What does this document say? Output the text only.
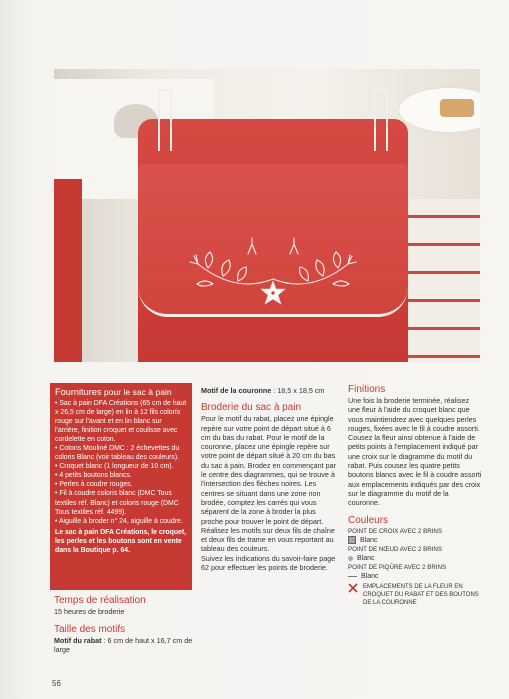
Fournitures pour le sac à pain

• Sac à pain DFA Créations (65 cm de haut x 26,5 cm de large) en lin à 12 fils colorís rouge sur l'avant et en lin blanc sur l'arrière, finition croquet et coulisse avec cordelette en coton.

• Cotons Mouliné DMC : 2 échevettes du coloris Blanc (voir tableau des couleurs).

• Croquet blanc (1 longueur de 10 cm).

• 4 petits boutons blancs.

• Perles à coudre rouges.

• Fil à coudre coloris blanc (DMC Tous textiles réf. Blanc) et coloris rouge (DMC Tous textiles réf. 4499).

• Aiguille à broder n° 24, aiguille à coudre.

Le sac à pain DFA Créations, le croquet, les perles et les boutons sont en vente dans la Boutique p. 64.

Temps de réalisation
15 heures de broderie
Taille des motifs
Motif du rabat : 6 cm de haut x 16,7 cm de large

Motif de la couronne : 18,5 x 18,5 cm

Broderie du sac à pain

Pour le motif du rabat, placez une épingle repère sur votre point de départ situé à 6 cm du bas du rabat. Pour le motif de la couronne, placez une épingle repère sur votre point de départ situé à 20 cm du bas du sac à pain. Brodez en commençant par le centre des diagrammes, qui se trouve à l'intersection des flèches noires. Les centres se situant dans une zone non brodée, comptez les carrés qui vous séparent de la zone à broder la plus proche pour trouver le point de départ. Réalisez les motifs sur deux fils de chaîne et deux fils de trame en vous reportant au tableau des couleurs.

Suivez les indications du savoir-faire page 62 pour effectuer les points de broderie.

Finitions

Une fois la broderie terminée, réalisez une fleur à l'aide du croquet blanc que vous maintiendrez avec quelques perles rouges, fixées avec le fil à coudre assorti. Cousez la fleur ainsi obtenue à l'aide de petits points à l'emplacement indiqué par une croix sur le diagramme du motif du rabat. Puis cousez les quatre petits boutons blancs avec le fil à coudre assorti aux emplacements indiqués par des croix sur le diagramme du motif de la couronne.

Couleurs

POINT DE CROIX AVEC 2 BRINS

Blanc

POINT DE NŒUD AVEC 2 BRINS

Blanc

POINT DE PIQÛRE AVEC 2 BRINS

Blanc

EMPLACEMENTS DE LA FLEUR EN CROQUET DU RABAT ET DES BOUTONS DE LA COURONNE
56
